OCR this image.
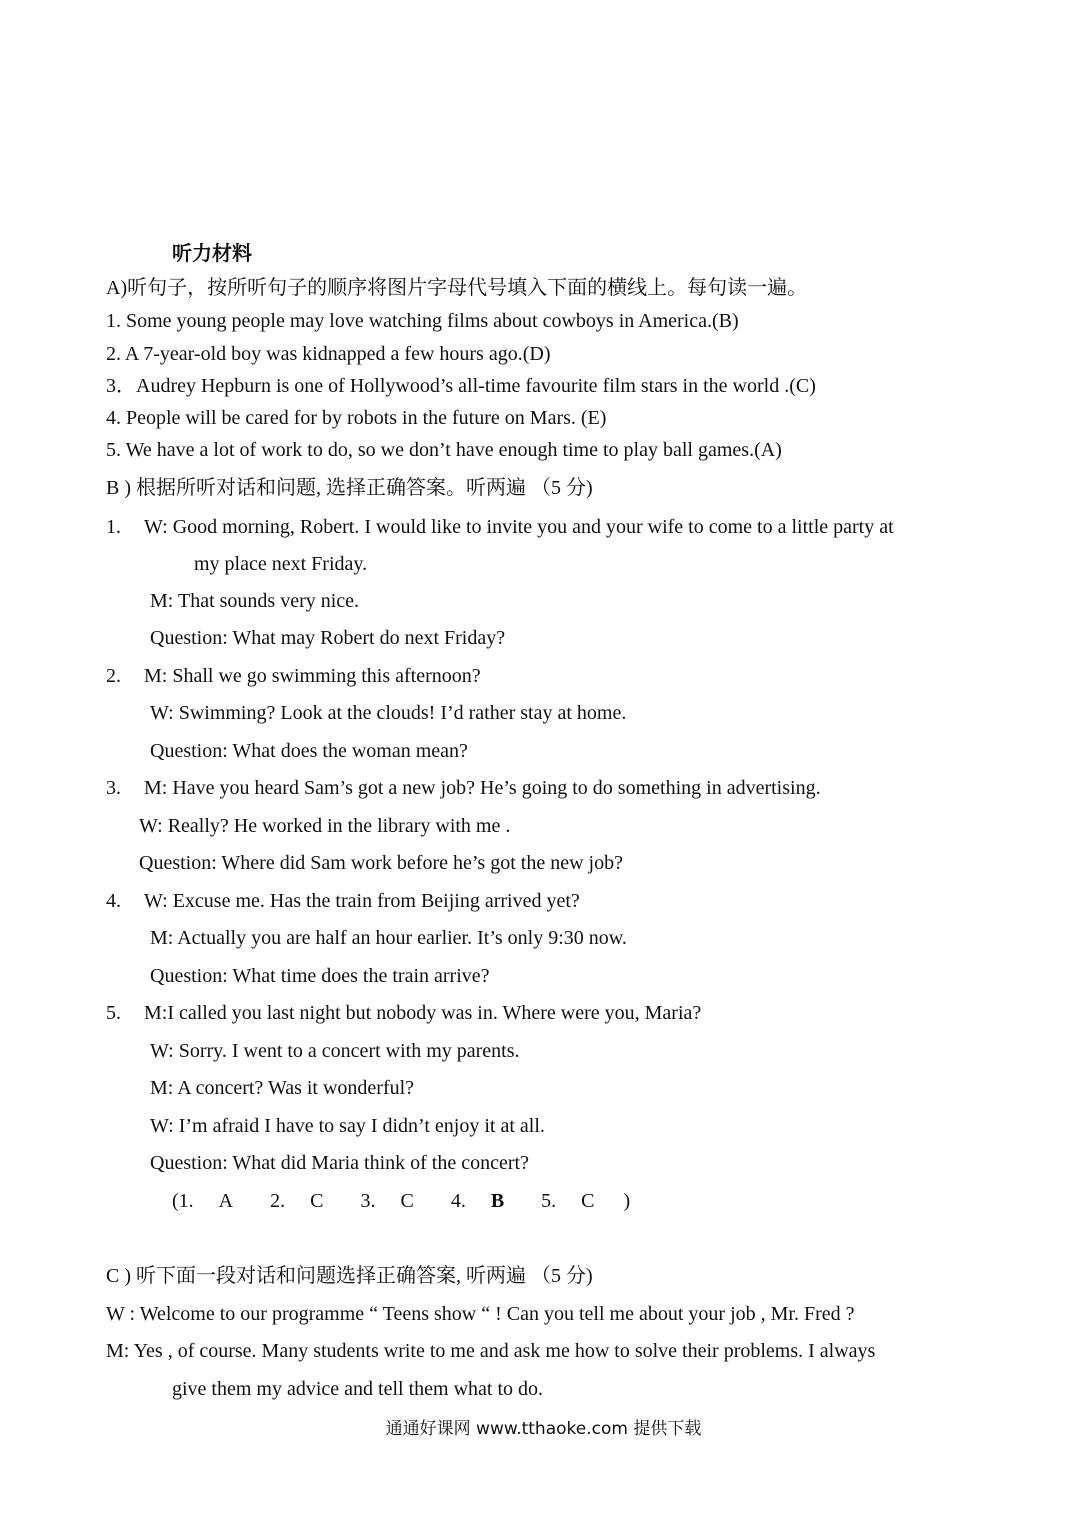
听力材料
A)听句子，按所听句子的顺序将图片字母代号填入下面的横线上。每句读一遍。
1. Some young people may love watching films about cowboys in America.(B)
2. A 7-year-old boy was kidnapped a few hours ago.(D)
3．Audrey Hepburn is one of Hollywood’s all-time favourite film stars in the world .(C)
4. People will be cared for by robots in the future on Mars. (E)
5. We have a lot of work to do, so we don’t have enough time to play ball games.(A)
B ) 根据所听对话和问题, 选择正确答案。听两遍 （5 分)
1. W: Good morning, Robert. I would like to invite you and your wife to come to a little party at
my place next Friday.
M: That sounds very nice.
Question: What may Robert do next Friday?
2. M: Shall we go swimming this afternoon?
W: Swimming? Look at the clouds! I’d rather stay at home.
Question: What does the woman mean?
3. M: Have you heard Sam’s got a new job? He’s going to do something in advertising.
W: Really? He worked in the library with me .
Question: Where did Sam work before he’s got the new job?
4. W: Excuse me. Has the train from Beijing arrived yet?
M: Actually you are half an hour earlier. It’s only 9:30 now.
Question: What time does the train arrive?
5. M:I called you last night but nobody was in. Where were you, Maria?
W: Sorry. I went to a concert with my parents.
M: A concert? Was it wonderful?
W: I’m afraid I have to say I didn’t enjoy it at all.
Question: What did Maria think of the concert?
(1. A 2. C 3. C 4. B 5. C )
C ) 听下面一段对话和问题选择正确答案, 听两遍 （5 分)
W : Welcome to our programme “ Teens show “ ! Can you tell me about your job , Mr. Fred ?
M: Yes , of course. Many students write to me and ask me how to solve their problems. I always
give them my advice and tell them what to do.
通通好课网 www.tthaoke.com 提供下载
